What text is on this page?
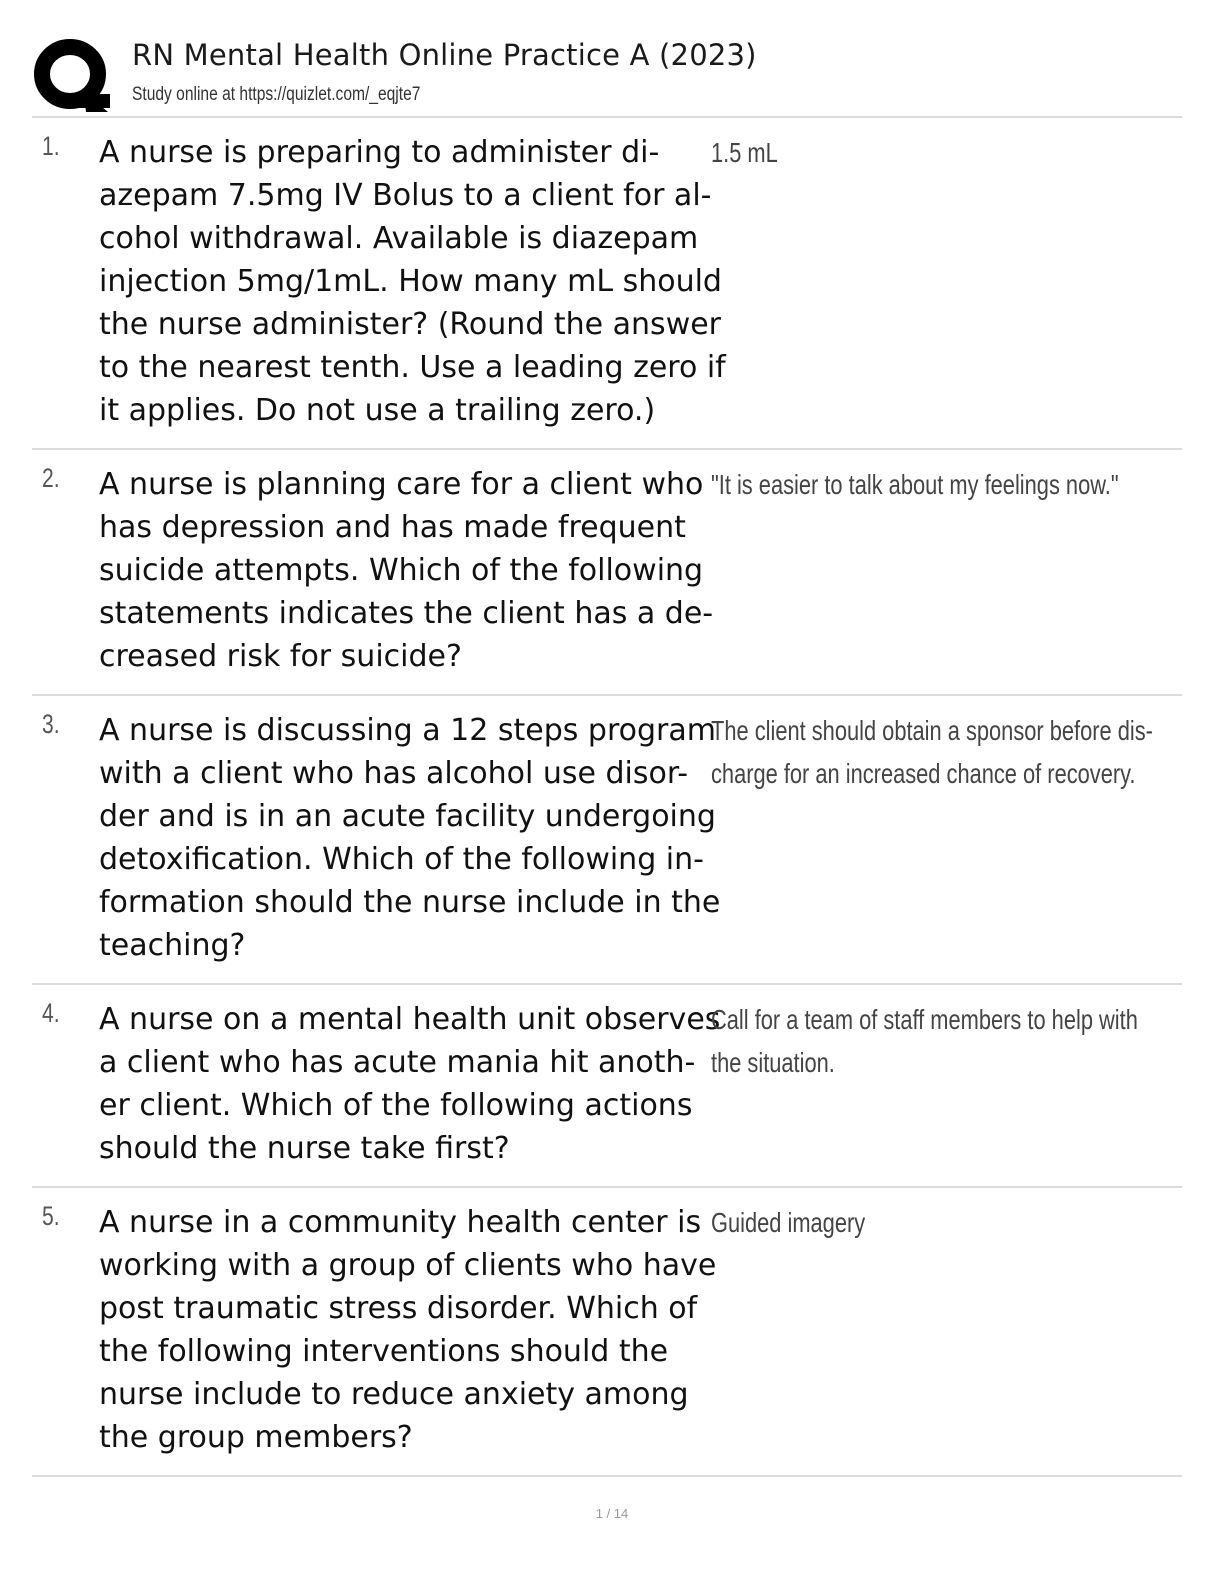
RN Mental Health Online Practice A (2023)
Study online at https://quizlet.com/_eqjte7
1. A nurse is preparing to administer di-
azepam 7.5mg IV Bolus to a client for al-
cohol withdrawal. Available is diazepam
injection 5mg/1mL. How many mL should
the nurse administer? (Round the answer
to the nearest tenth. Use a leading zero if
it applies. Do not use a trailing zero.)
1.5 mL
2. A nurse is planning care for a client who
has depression and has made frequent
suicide attempts. Which of the following
statements indicates the client has a de-
creased risk for suicide?
"It is easier to talk about my feelings now."
3. A nurse is discussing a 12 steps program
with a client who has alcohol use disor-
der and is in an acute facility undergoing
detoxification. Which of the following in-
formation should the nurse include in the
teaching?
The client should obtain a sponsor before dis-
charge for an increased chance of recovery.
4. A nurse on a mental health unit observes
a client who has acute mania hit anoth-
er client. Which of the following actions
should the nurse take first?
Call for a team of staff members to help with
the situation.
5. A nurse in a community health center is
working with a group of clients who have
post traumatic stress disorder. Which of
the following interventions should the
nurse include to reduce anxiety among
the group members?
Guided imagery
1 / 14
